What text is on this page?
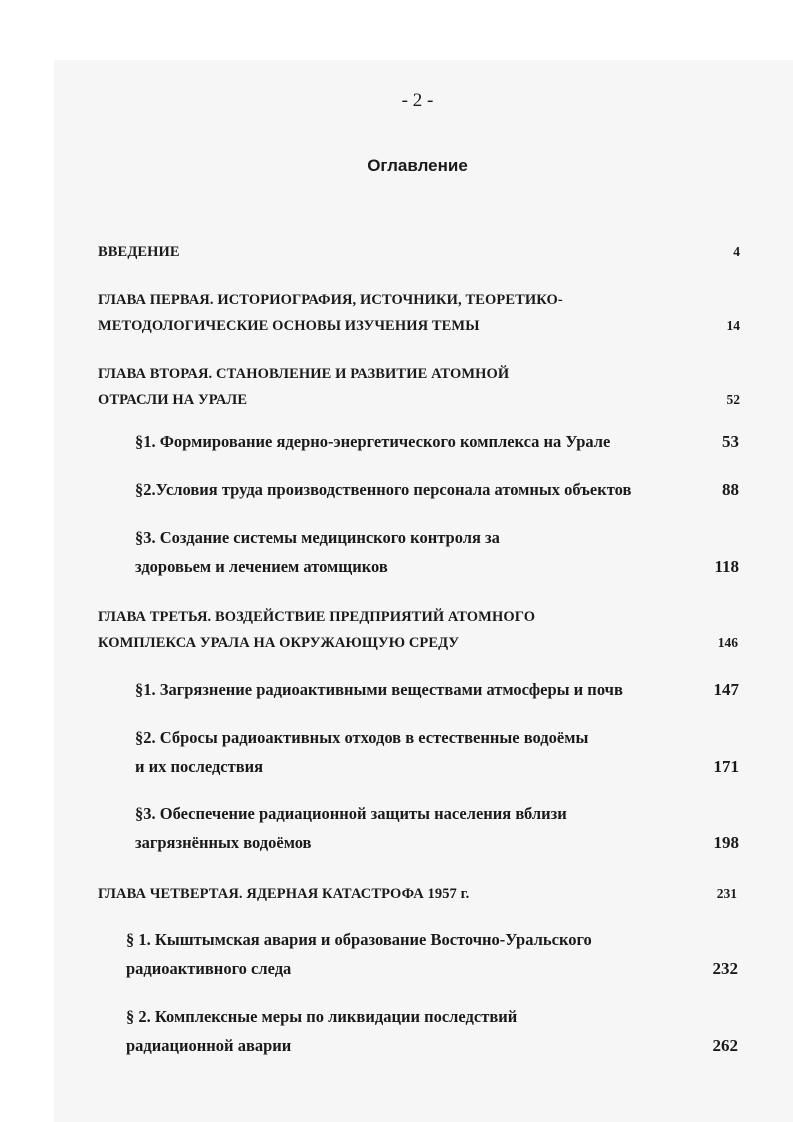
- 2 -
Оглавление
ВВЕДЕНИЕ	4
ГЛАВА ПЕРВАЯ. ИСТОРИОГРАФИЯ, ИСТОЧНИКИ, ТЕОРЕТИКО-
МЕТОДОЛОГИЧЕСКИЕ ОСНОВЫ ИЗУЧЕНИЯ ТЕМЫ	14
ГЛАВА ВТОРАЯ. СТАНОВЛЕНИЕ И РАЗВИТИЕ АТОМНОЙ
ОТРАСЛИ НА УРАЛЕ	52
§1. Формирование ядерно-энергетического комплекса на Урале	53
§2.Условия труда производственного персонала атомных объектов	88
§3. Создание системы медицинского контроля за
здоровьем и лечением атомщиков	118
ГЛАВА ТРЕТЬЯ. ВОЗДЕЙСТВИЕ ПРЕДПРИЯТИЙ АТОМНОГО
КОМПЛЕКСА УРАЛА НА ОКРУЖАЮЩУЮ СРЕДУ	146
§1. Загрязнение радиоактивными веществами атмосферы и почв	147
§2. Сбросы радиоактивных отходов в естественные водоёмы
и их последствия	171
§3. Обеспечение радиационной защиты населения вблизи
загрязнённых водоёмов	198
ГЛАВА ЧЕТВЕРТАЯ. ЯДЕРНАЯ КАТАСТРОФА 1957 г.	231
§ 1. Кыштымская авария и образование Восточно-Уральского
радиоактивного следа	232
§ 2. Комплексные меры по ликвидации последствий
радиационной аварии	262
